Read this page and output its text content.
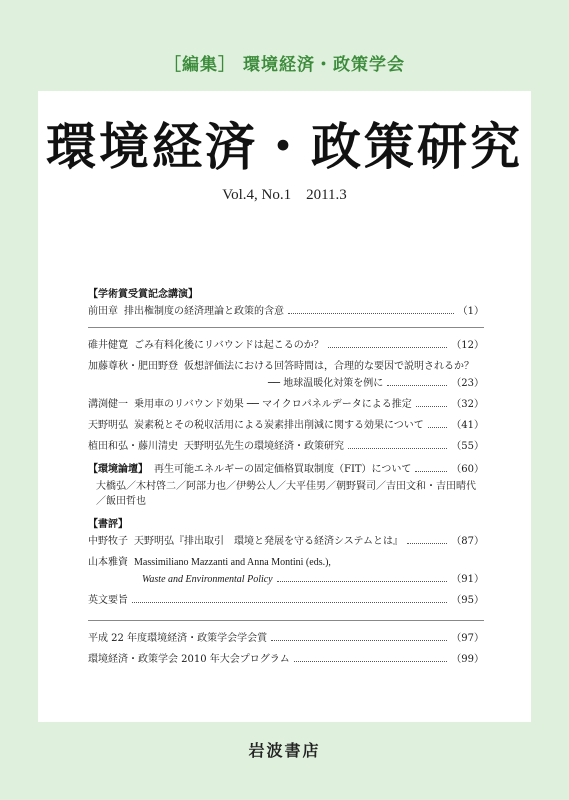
［編集］ 環境経済・政策学会
環境経済・政策研究
Vol.4, No.1　2011.3

【学術賞受賞記念講演】

前田章 排出権制度の経済理論と政策的含意	（1）
碓井健寛 ごみ有料化後にリバウンドは起こるのか？	（12）
加藤尊秋・肥田野登 仮想評価法における回答時間は，合理的な要因で説明されるか？
── 地球温暖化対策を例に	（23）
溝渕健一 乗用車のリバウンド効果 ── マイクロパネルデータによる推定	（32）
天野明弘 炭素税とその税収活用による炭素排出削減に関する効果について	（41）
植田和弘・藤川清史 天野明弘先生の環境経済・政策研究	（55）
【環境論壇】 再生可能エネルギーの固定価格買取制度（FIT）について	（60）
大橋弘／木村啓二／阿部力也／伊勢公人／大平佳男／朝野賢司／吉田文和・吉田晴代／飯田哲也

【書評】

中野牧子 天野明弘『排出取引　環境と発展を守る経済システムとは』	（87）
山本雅資 Massimiliano Mazzanti and Anna Montini (eds.),
Waste and Environmental Policy	（91）
英文要旨	（95）
平成 22 年度環境経済・政策学会学会賞	（97）
環境経済・政策学会 2010 年大会プログラム	（99）
岩波書店
